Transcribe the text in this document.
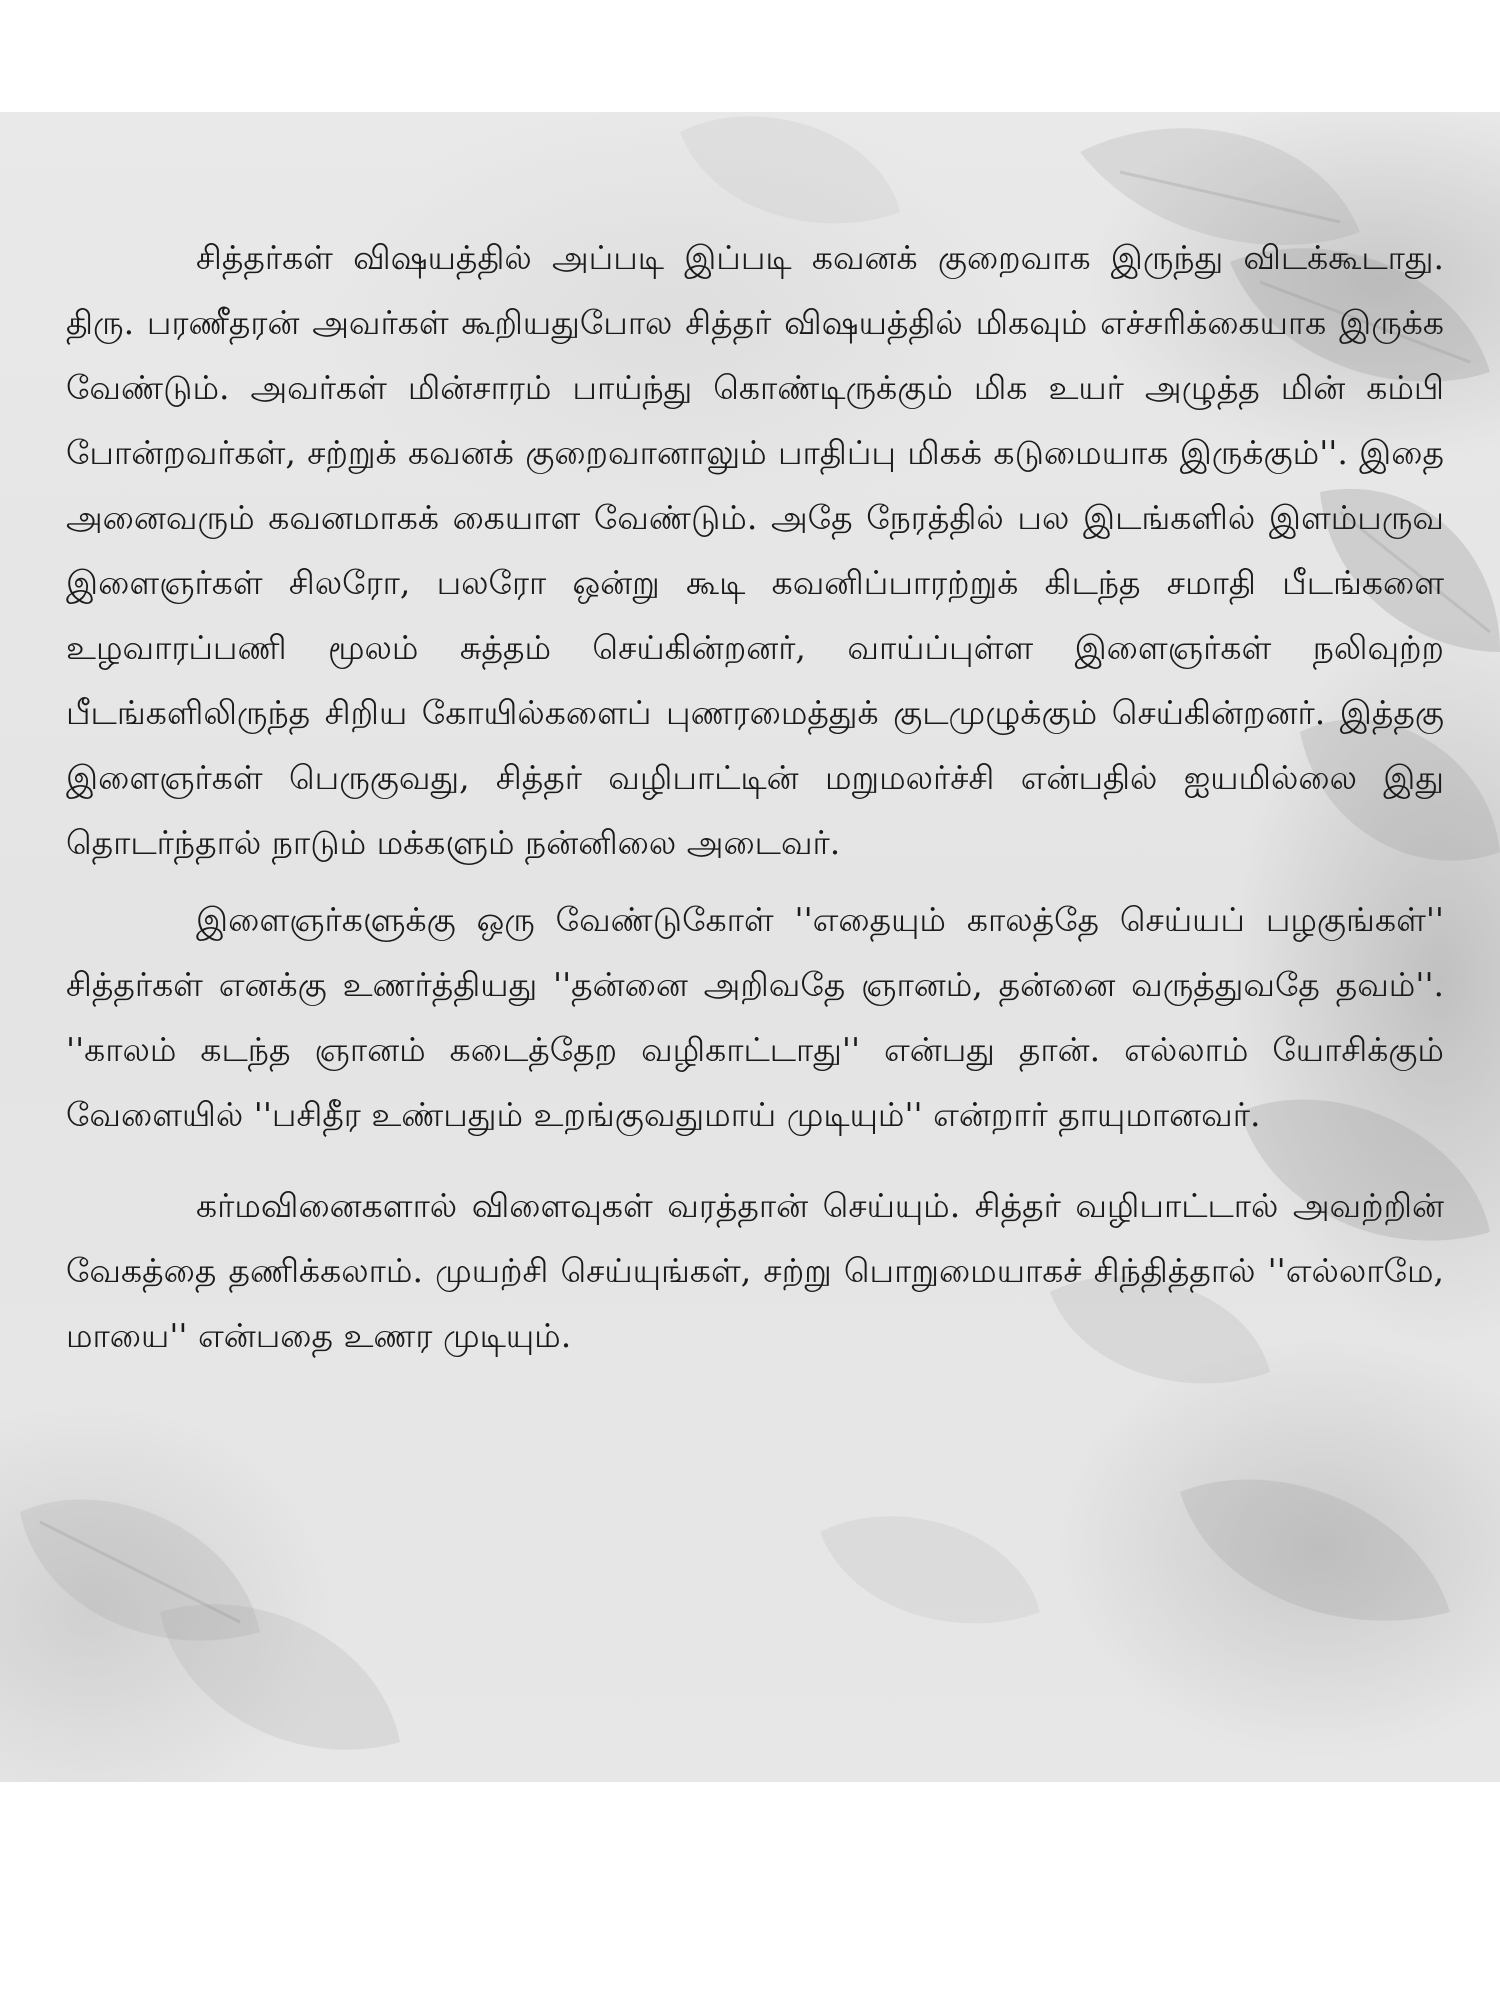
சித்தர்கள் விஷயத்தில் அப்படி இப்படி கவனக் குறைவாக இருந்து விடக்கூடாது. திரு. பரணீதரன் அவர்கள் கூறியதுபோல சித்தர் விஷயத்தில் மிகவும் எச்சரிக்கையாக இருக்க வேண்டும். அவர்கள் மின்சாரம் பாய்ந்து கொண்டிருக்கும் மிக உயர் அழுத்த மின் கம்பி போன்றவர்கள், சற்றுக் கவனக் குறைவானாலும் பாதிப்பு மிகக் கடுமையாக இருக்கும்''. இதை அனைவரும் கவனமாகக் கையாள வேண்டும். அதே நேரத்தில் பல இடங்களில் இளம்பருவ இளைஞர்கள் சிலரோ, பலரோ ஒன்று கூடி கவனிப்பாரற்றுக் கிடந்த சமாதி பீடங்களை உழவாரப்பணி மூலம் சுத்தம் செய்கின்றனர், வாய்ப்புள்ள இளைஞர்கள் நலிவுற்ற பீடங்களிலிருந்த சிறிய கோயில்களைப் புணரமைத்துக் குடமுழுக்கும் செய்கின்றனர். இத்தகு இளைஞர்கள் பெருகுவது, சித்தர் வழிபாட்டின் மறுமலர்ச்சி என்பதில் ஐயமில்லை இது தொடர்ந்தால் நாடும் மக்களும் நன்னிலை அடைவர்.

இளைஞர்களுக்கு ஒரு வேண்டுகோள் ''எதையும் காலத்தே செய்யப் பழகுங்கள்'' சித்தர்கள் எனக்கு உணர்த்தியது ''தன்னை அறிவதே ஞானம், தன்னை வருத்துவதே தவம்''. ''காலம் கடந்த ஞானம் கடைத்தேற வழிகாட்டாது'' என்பது தான். எல்லாம் யோசிக்கும் வேளையில் ''பசிதீர உண்பதும் உறங்குவதுமாய் முடியும்'' என்றார் தாயுமானவர்.

கர்மவினைகளால் விளைவுகள் வரத்தான் செய்யும். சித்தர் வழிபாட்டால் அவற்றின் வேகத்தை தணிக்கலாம். முயற்சி செய்யுங்கள், சற்று பொறுமையாகச் சிந்தித்தால் ''எல்லாமே, மாயை'' என்பதை உணர முடியும்.
